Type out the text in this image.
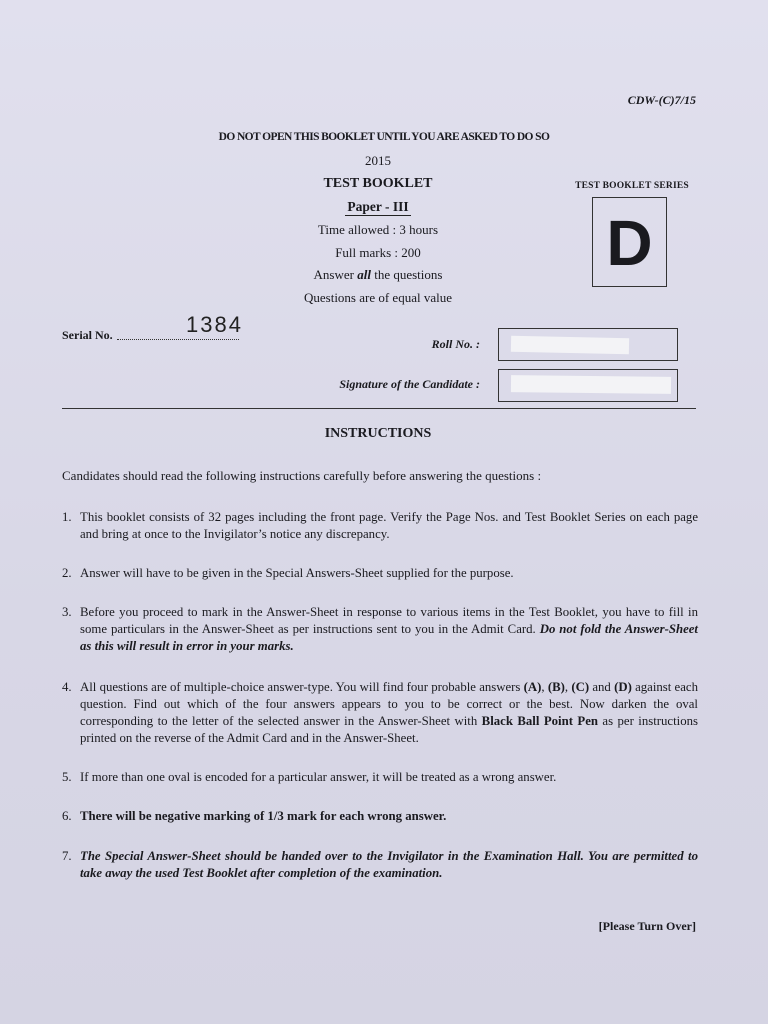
CDW-(C)7/15
DO NOT OPEN THIS BOOKLET UNTIL YOU ARE ASKED TO DO SO
2015
TEST BOOKLET
Paper - III
Time allowed : 3 hours
Full marks : 200
Answer all the questions
Questions are of equal value
TEST BOOKLET SERIES
D
Serial No.	1384
Roll No. :
Signature of the Candidate :
INSTRUCTIONS
Candidates should read the following instructions carefully before answering the questions :
1. This booklet consists of 32 pages including the front page. Verify the Page Nos. and Test Booklet Series on each page and bring at once to the Invigilator’s notice any discrepancy.
2. Answer will have to be given in the Special Answers-Sheet supplied for the purpose.
3. Before you proceed to mark in the Answer-Sheet in response to various items in the Test Booklet, you have to fill in some particulars in the Answer-Sheet as per instructions sent to you in the Admit Card. Do not fold the Answer-Sheet as this will result in error in your marks.
4. All questions are of multiple-choice answer-type. You will find four probable answers (A), (B), (C) and (D) against each question. Find out which of the four answers appears to you to be correct or the best. Now darken the oval corresponding to the letter of the selected answer in the Answer-Sheet with Black Ball Point Pen as per instructions printed on the reverse of the Admit Card and in the Answer-Sheet.
5. If more than one oval is encoded for a particular answer, it will be treated as a wrong answer.
6. There will be negative marking of 1/3 mark for each wrong answer.
7. The Special Answer-Sheet should be handed over to the Invigilator in the Examination Hall. You are permitted to take away the used Test Booklet after completion of the examination.
[Please Turn Over]
